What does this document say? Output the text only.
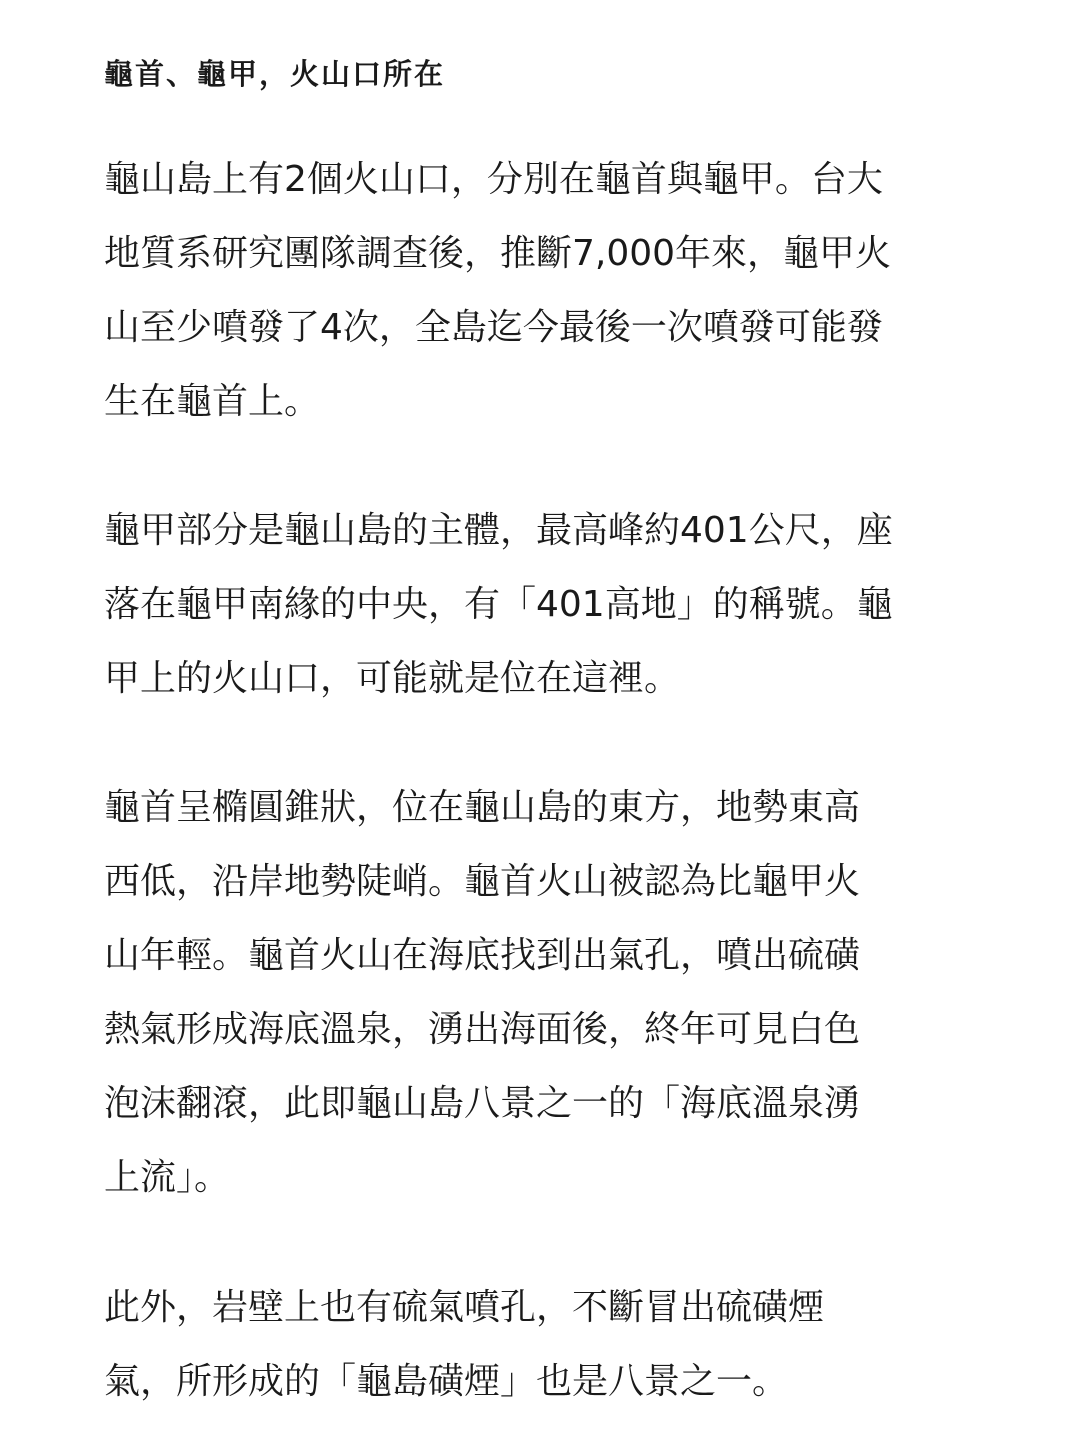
龜首、龜甲，火山口所在

龜山島上有2個火山口，分別在龜首與龜甲。台大
地質系研究團隊調查後，推斷7,000年來，龜甲火
山至少噴發了4次，全島迄今最後一次噴發可能發
生在龜首上。

龜甲部分是龜山島的主體，最高峰約401公尺，座
落在龜甲南緣的中央，有「401高地」的稱號。龜
甲上的火山口，可能就是位在這裡。

龜首呈橢圓錐狀，位在龜山島的東方，地勢東高
西低，沿岸地勢陡峭。龜首火山被認為比龜甲火
山年輕。龜首火山在海底找到出氣孔，噴出硫磺
熱氣形成海底溫泉，湧出海面後，終年可見白色
泡沫翻滾，此即龜山島八景之一的「海底溫泉湧
上流」。

此外，岩壁上也有硫氣噴孔，不斷冒出硫磺煙
氣，所形成的「龜島磺煙」也是八景之一。
